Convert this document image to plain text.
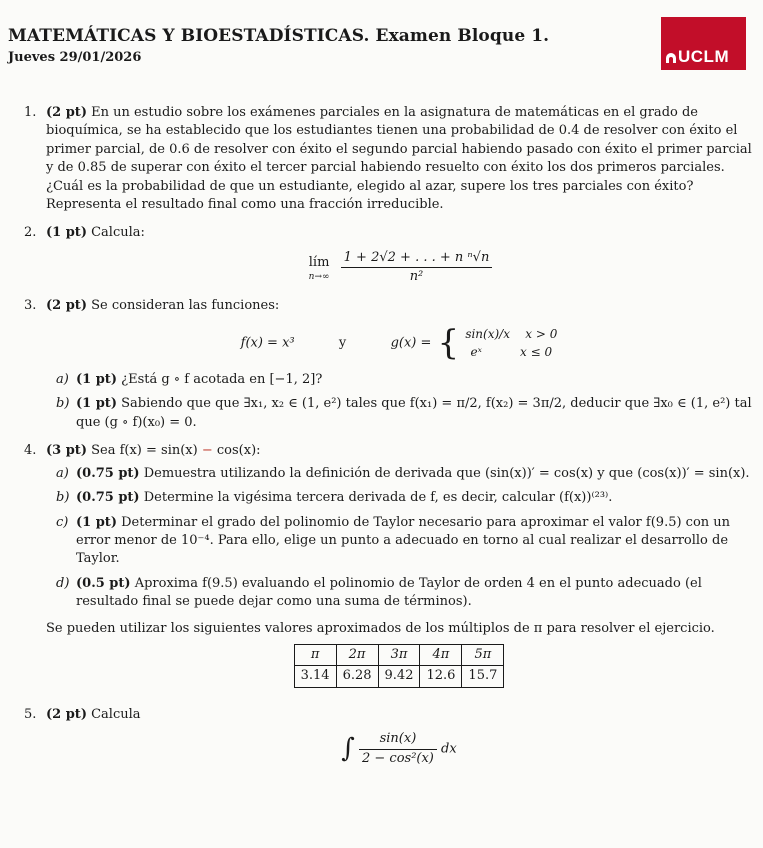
MATEMÁTICAS Y BIOESTADÍSTICAS. Examen Bloque 1.
Jueves 29/01/2026	UCLM
1. (2 pt) En un estudio sobre los exámenes parciales en la asignatura de matemáticas en el grado de bioquímica, se ha establecido que los estudiantes tienen una probabilidad de 0.4 de resolver con éxito el primer parcial, de 0.6 de resolver con éxito el segundo parcial habiendo pasado con éxito el primer parcial y de 0.85 de superar con éxito el tercer parcial habiendo resuelto con éxito los dos primeros parciales. ¿Cuál es la probabilidad de que un estudiante, elegido al azar, supere los tres parciales con éxito? Representa el resultado final como una fracción irreducible.
2. (1 pt) Calcula:
lím
n→∞
$\frac{\text{1 + 2√2 + . . . + n ⁿ√n}}{\text{n²}}$
3. (2 pt) Se consideran las funciones:
f(x) = x³	y	g(x) = { sin(x)/x x > 0
eˣ	x ≤ 0
a) (1 pt) ¿Está g ∘ f acotada en [−1, 2]?
b) (1 pt) Sabiendo que que ∃x₁, x₂ ∈ (1, e²) tales que f(x₁) = π/2, f(x₂) = 3π/2, deducir que ∃x₀ ∈ (1, e²) tal que (g ∘ f)(x₀) = 0.
4. (3 pt) Sea f(x) = sin(x) − cos(x):
a) (0.75 pt) Demuestra utilizando la definición de derivada que (sin(x))′ = cos(x) y que (cos(x))′ = sin(x).
b) (0.75 pt) Determine la vigésima tercera derivada de f, es decir, calcular (f(x))⁽²³⁾.
c) (1 pt) Determinar el grado del polinomio de Taylor necesario para aproximar el valor f(9.5) con un error menor de 10⁻⁴. Para ello, elige un punto a adecuado en torno al cual realizar el desarrollo de Taylor.
d) (0.5 pt) Aproxima f(9.5) evaluando el polinomio de Taylor de orden 4 en el punto adecuado (el resultado final se puede dejar como una suma de términos).
Se pueden utilizar los siguientes valores aproximados de los múltiplos de π para resolver el ejercicio.
π	2π	3π	4π	5π
3.14	6.28	9.42	12.6	15.7
5. (2 pt) Calcula
∫ $\frac{\sin(x)}{\text{2 − cos²(x)}}$ dx
